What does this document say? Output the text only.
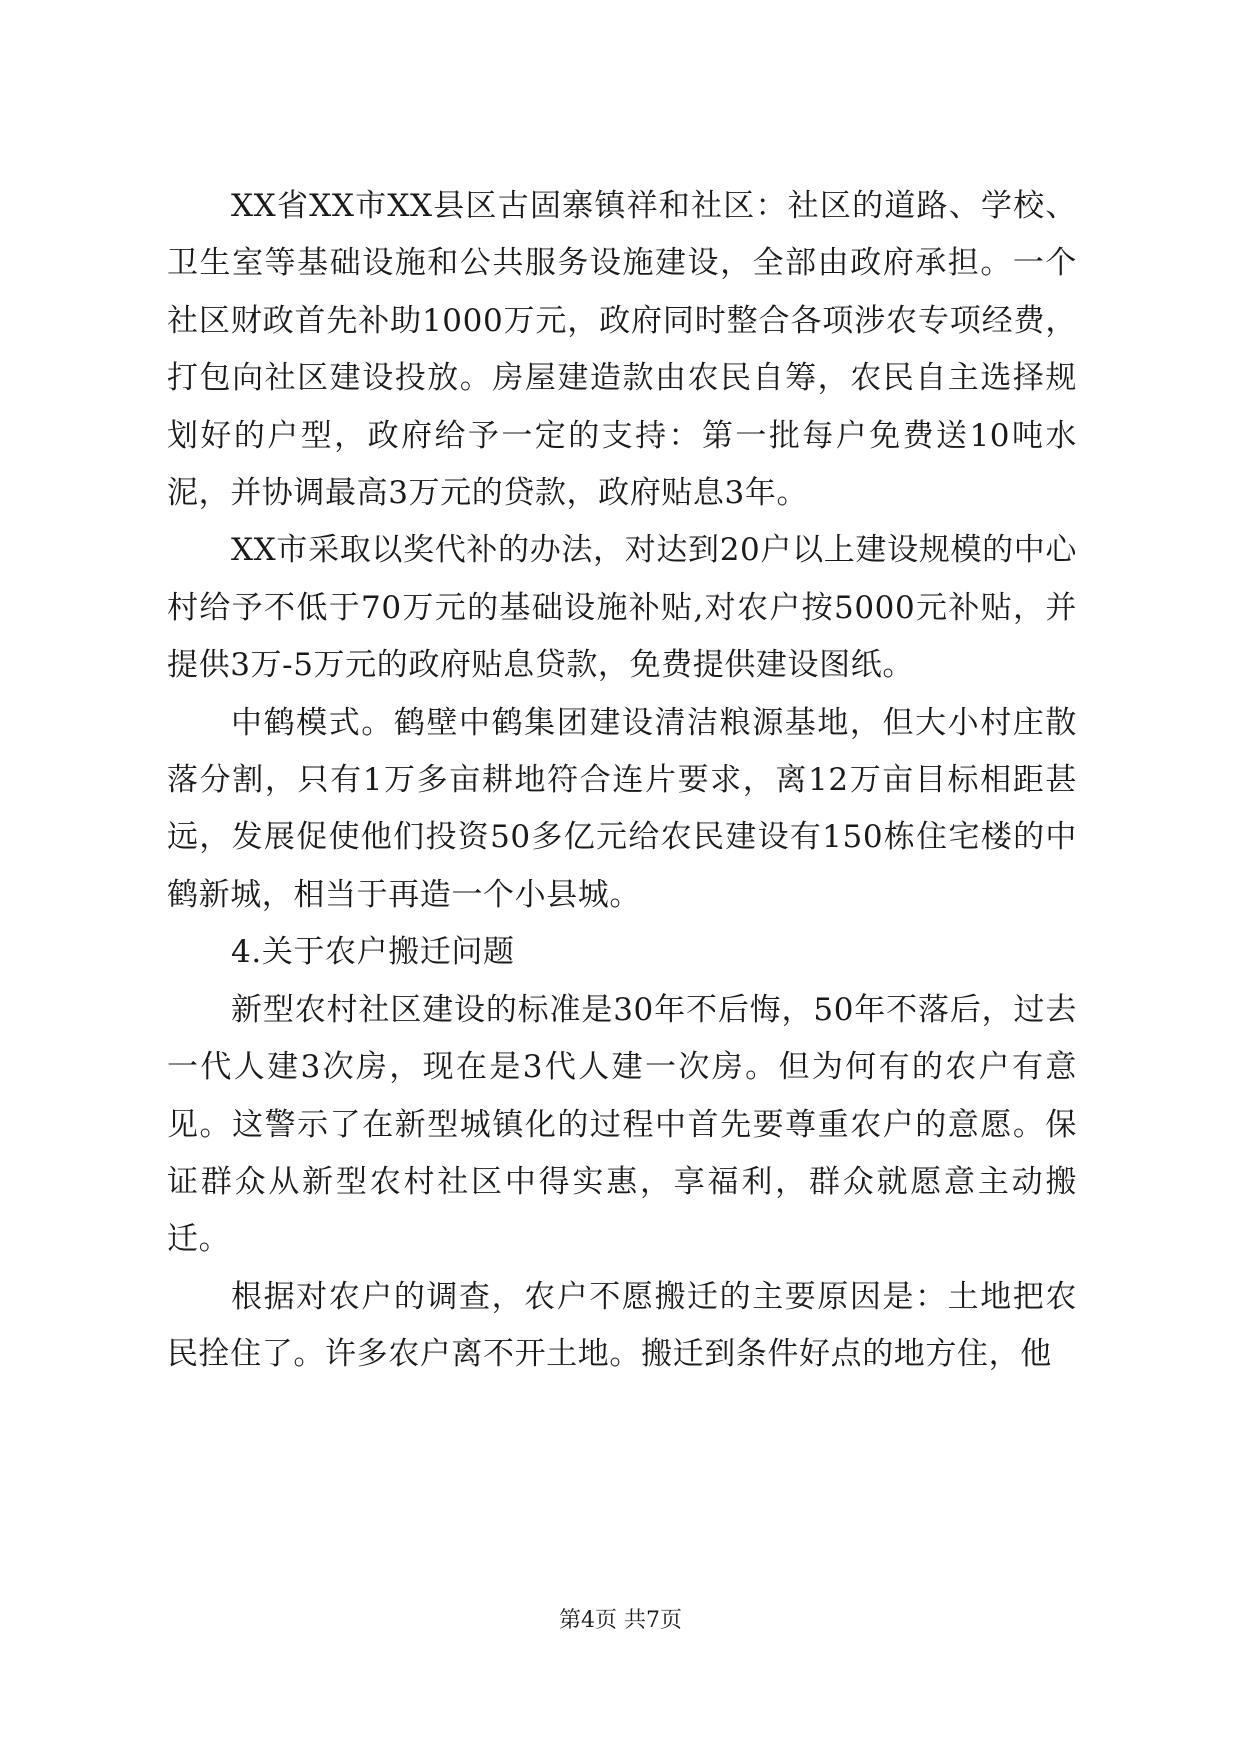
XX省XX市XX县区古固寨镇祥和社区：社区的道路、学校、卫生室等基础设施和公共服务设施建设，全部由政府承担。一个社区财政首先补助1000万元，政府同时整合各项涉农专项经费，打包向社区建设投放。房屋建造款由农民自筹，农民自主选择规划好的户型，政府给予一定的支持：第一批每户免费送10吨水泥，并协调最高3万元的贷款，政府贴息3年。

XX市采取以奖代补的办法，对达到20户以上建设规模的中心村给予不低于70万元的基础设施补贴,对农户按5000元补贴，并提供3万-5万元的政府贴息贷款，免费提供建设图纸。

中鹤模式。鹤壁中鹤集团建设清洁粮源基地，但大小村庄散落分割，只有1万多亩耕地符合连片要求，离12万亩目标相距甚远，发展促使他们投资50多亿元给农民建设有150栋住宅楼的中鹤新城，相当于再造一个小县城。

4.关于农户搬迁问题

新型农村社区建设的标准是30年不后悔，50年不落后，过去一代人建3次房，现在是3代人建一次房。但为何有的农户有意见。这警示了在新型城镇化的过程中首先要尊重农户的意愿。保证群众从新型农村社区中得实惠，享福利，群众就愿意主动搬迁。

根据对农户的调查，农户不愿搬迁的主要原因是：土地把农民拴住了。许多农户离不开土地。搬迁到条件好点的地方住，他

第4页 共7页
